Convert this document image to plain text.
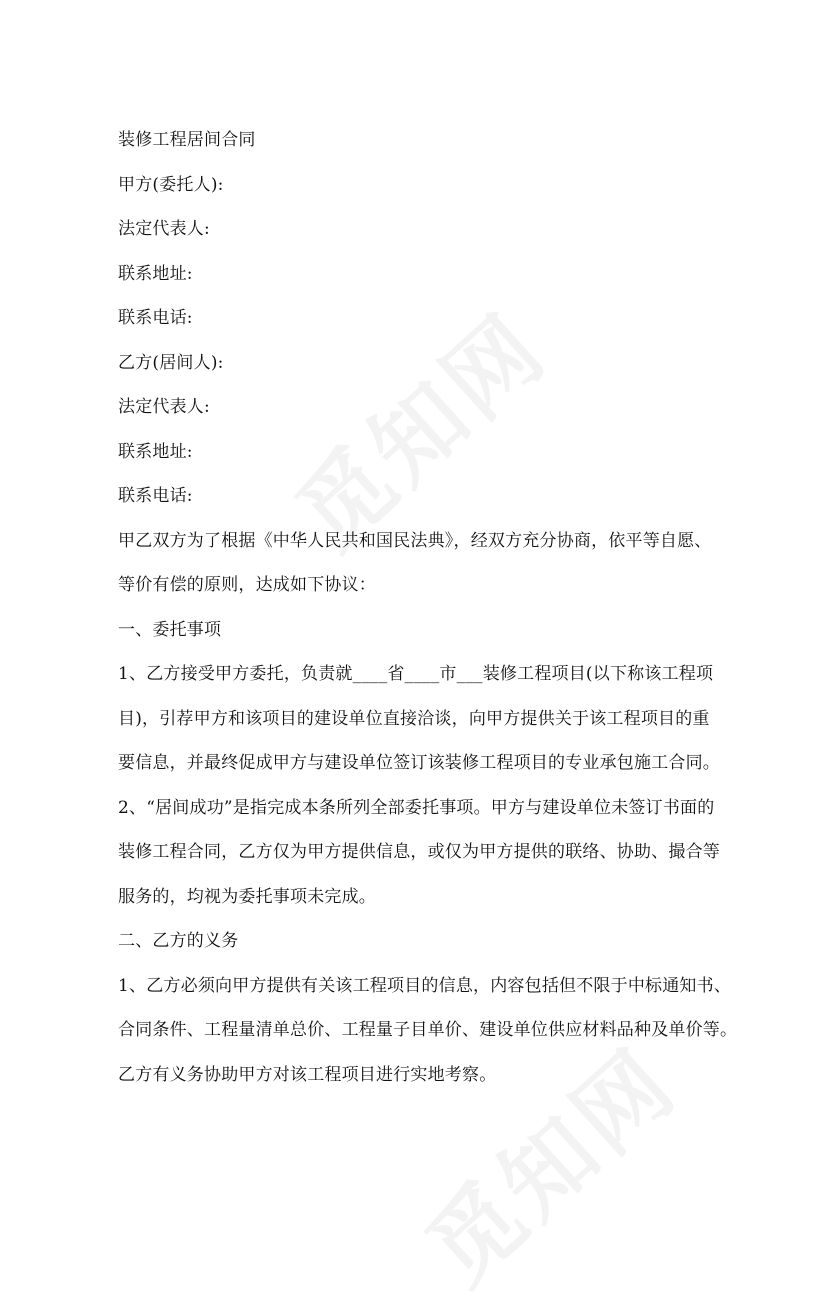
装修工程居间合同
甲方(委托人):
法定代表人:
联系地址:
联系电话:
乙方(居间人):
法定代表人:
联系地址:
联系电话:
甲乙双方为了根据《中华人民共和国民法典》，经双方充分协商，依平等自愿、
等价有偿的原则，达成如下协议：
一、委托事项
1、乙方接受甲方委托，负责就____省____市___装修工程项目(以下称该工程项
目)，引荐甲方和该项目的建设单位直接洽谈，向甲方提供关于该工程项目的重
要信息，并最终促成甲方与建设单位签订该装修工程项目的专业承包施工合同。
2、“居间成功”是指完成本条所列全部委托事项。甲方与建设单位未签订书面的
装修工程合同，乙方仅为甲方提供信息，或仅为甲方提供的联络、协助、撮合等
服务的，均视为委托事项未完成。
二、乙方的义务
1、乙方必须向甲方提供有关该工程项目的信息，内容包括但不限于中标通知书、
合同条件、工程量清单总价、工程量子目单价、建设单位供应材料品种及单价等。
乙方有义务协助甲方对该工程项目进行实地考察。
